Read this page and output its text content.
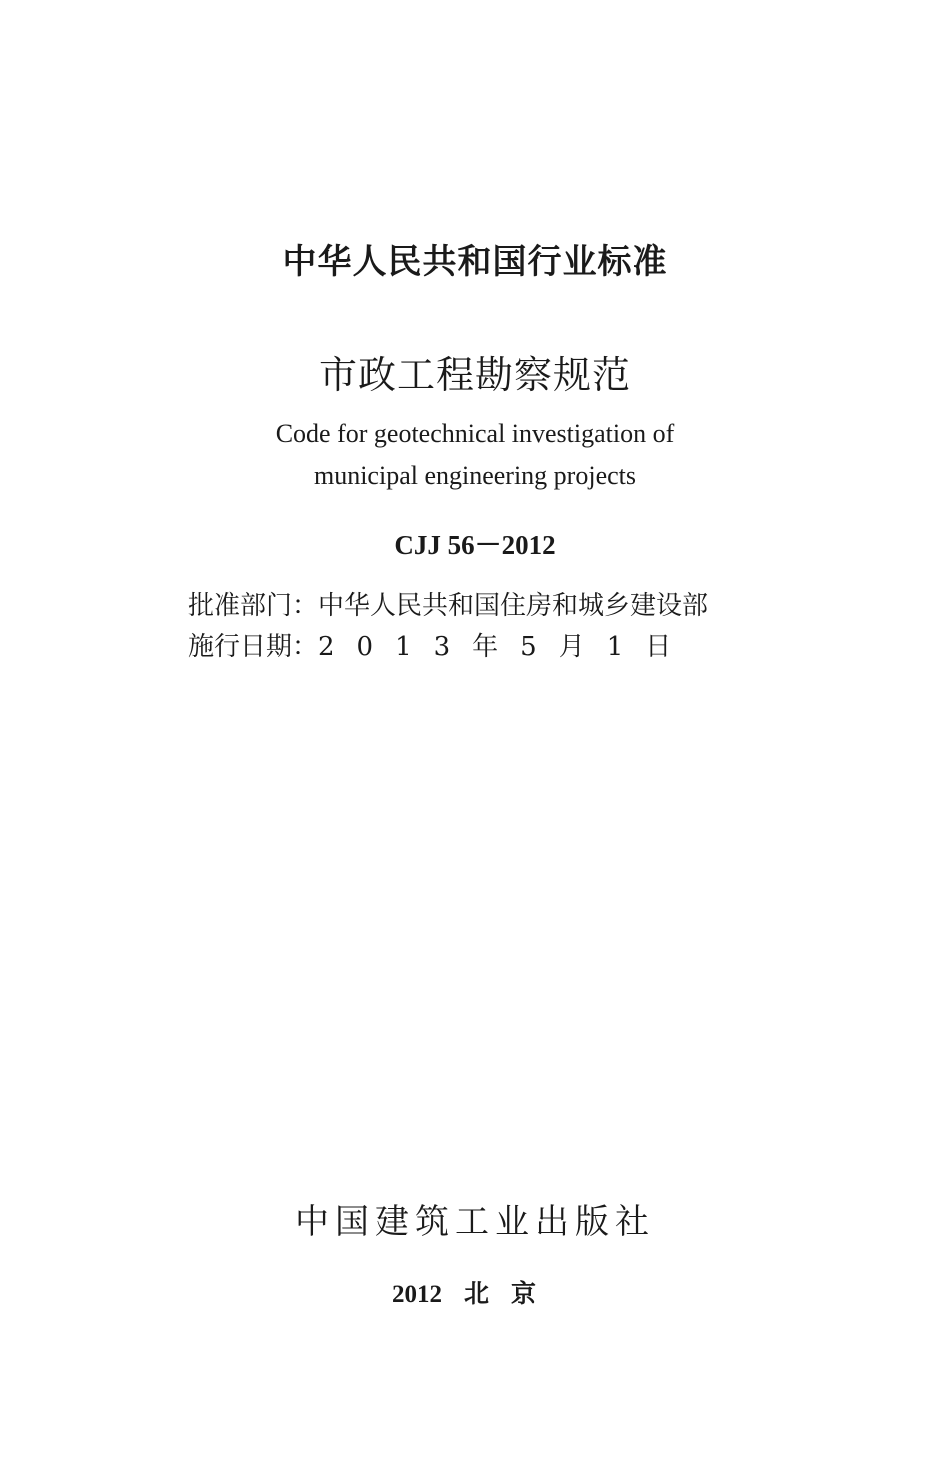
中华人民共和国行业标准
市政工程勘察规范
Code for geotechnical investigation of
municipal engineering projects
CJJ 56－2012
批准部门：中华人民共和国住房和城乡建设部
施行日期：2013年5月1日
中国建筑工业出版社
2012 北京
